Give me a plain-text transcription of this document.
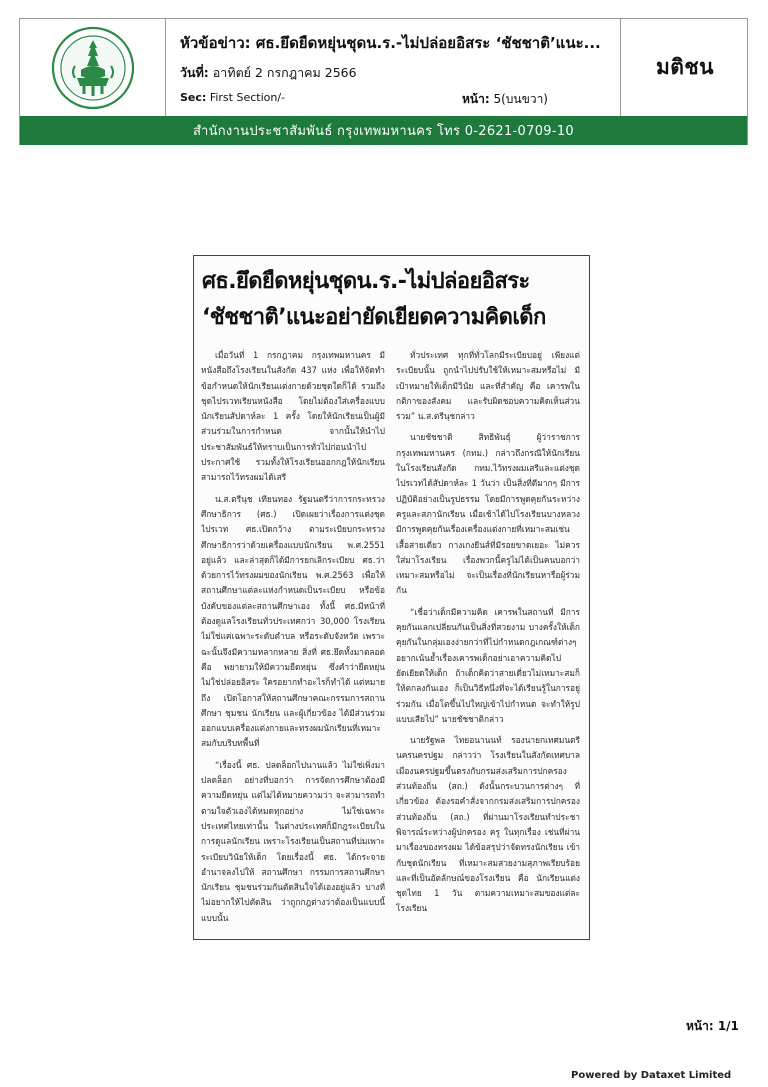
หัวข้อข่าว: ศธ.ยึดยืดหยุ่นชุดน.ร.-ไม่ปล่อยอิสระ ‘ชัชชาติ’แนะ...
วันที่: อาทิตย์ 2 กรกฎาคม 2566
Sec: First Section/-	หน้า: 5(บนขวา)
มติชน
สำนักงานประชาสัมพันธ์ กรุงเทพมหานคร โทร 0-2621-0709-10
ศธ.ยึดยืดหยุ่นชุดน.ร.-ไม่ปล่อยอิสระ
‘ชัชชาติ’แนะอย่ายัดเยียดความคิดเด็ก

เมื่อวันที่ 1 กรกฎาคม กรุงเทพมหานคร มีหนังสือถึงโรงเรียนในสังกัด 437 แห่ง เพื่อให้จัดทำข้อกำหนดให้นักเรียนแต่งกายด้วยชุดใดก็ได้ รวมถึงชุดไปรเวทเรียนหนังสือ โดยไม่ต้องใส่เครื่องแบบนักเรียนสัปดาห์ละ 1 ครั้ง โดยให้นักเรียนเป็นผู้มีส่วนร่วมในการกำหนด จากนั้นให้นำไปประชาสัมพันธ์ให้ทราบเป็นการทั่วไปก่อนนำไปประกาศใช้ รวมทั้งให้โรงเรียนออกกฎให้นักเรียนสามารถไว้ทรงผมได้เสรี

น.ส.ตรีนุช เทียนทอง รัฐมนตรีว่าการกระทรวงศึกษาธิการ (ศธ.) เปิดเผยว่าเรื่องการแต่งชุดไปรเวท ศธ.เปิดกว้าง ตามระเบียบกระทรวงศึกษาธิการว่าด้วยเครื่องแบบนักเรียน พ.ศ.2551 อยู่แล้ว และล่าสุดก็ได้มีการยกเลิกระเบียบ ศธ.ว่าด้วยการไว้ทรงผมของนักเรียน พ.ศ.2563 เพื่อให้สถานศึกษาแต่ละแห่งกำหนดเป็นระเบียบ หรือข้อบังคับของแต่ละสถานศึกษาเอง ทั้งนี้ ศธ.มีหน้าที่ต้องดูแลโรงเรียนทั่วประเทศกว่า 30,000 โรงเรียน ไม่ใช่แค่เฉพาะระดับตำบล หรือระดับจังหวัด เพราะฉะนั้นจึงมีความหลากหลาย สิ่งที่ ศธ.ยึดทั้งมาตลอด คือ พยายามให้มีความยืดหยุ่น ซึ่งคำว่ายืดหยุ่น ไม่ใช่ปล่อยอิสระ ใครอยากทำอะไรก็ทำได้ แต่หมายถึง เปิดโอกาสให้สถานศึกษาคณะกรรมการสถานศึกษา ชุมชน นักเรียน และผู้เกี่ยวข้อง ได้มีส่วนร่วมออกแบบเครื่องแต่งกายและทรงผมนักเรียนที่เหมาะสมกับบริบทพื้นที่

“เรื่องนี้ ศธ. ปลดล็อกไปนานแล้ว ไม่ใช่เพิ่งมาปลดล็อก อย่างที่บอกว่า การจัดการศึกษาต้องมีความยืดหยุ่น แต่ไม่ได้หมายความว่า จะสามารถทำตามใจตัวเองได้หมดทุกอย่าง ไม่ใช่เฉพาะประเทศไทยเท่านั้น ในต่างประเทศก็มีกฎระเบียบในการดูแลนักเรียน เพราะโรงเรียนเป็นสถานที่บ่มเพาะระเบียบวินัยให้เด็ก โดยเรื่องนี้ ศธ. ได้กระจายอำนาจลงไปให้ สถานศึกษา กรรมการสถานศึกษา นักเรียน ชุมชนร่วมกันตัดสินใจได้เองอยู่แล้ว บางที่ไม่อยากให้ไปตัดสิน ว่าถูกกฎต่างว่าต้องเป็นแบบนี้ แบบนั้น

ทั่วประเทศ ทุกที่ทั่วโลกมีระเบียบอยู่ เพียงแต่ระเบียบนั้น ถูกนำไปปรับใช้ให้เหมาะสมหรือไม่ มีเป้าหมายให้เด็กมีวินัย และที่สำคัญ คือ เคารพในกติกาของสังคม และรับผิดชอบความคิดเห็นส่วนรวม” น.ส.ตรีนุชกล่าว

นายชัชชาติ สิทธิพันธุ์ ผู้ว่าราชการกรุงเทพมหานคร (กทม.) กล่าวถึงกรณีให้นักเรียนในโรงเรียนสังกัด กทม.ไว้ทรงผมเสรีและแต่งชุดไปรเวทได้สัปดาห์ละ 1 วันว่า เป็นสิ่งที่ดีมากๆ มีการปฏิบัติอย่างเป็นรูปธรรม โดยมีการพูดคุยกันระหว่างครูและสภานักเรียน เมื่อเช้าได้ไปโรงเรียนบางหลวง มีการพูดคุยกันเรื่องเครื่องแต่งกายที่เหมาะสมเช่น เสื้อสายเดี่ยว กางเกงยีนส์ที่มีรอยขาดเยอะ ไม่ควรใส่มาโรงเรียน เรื่องพวกนี้ครูไม่ได้เป็นคนบอกว่าเหมาะสมหรือไม่ จะเป็นเรื่องที่นักเรียนหารือผู้ร่วมกัน

“เชื่อว่าเด็กมีความคิด เคารพในสถานที่ มีการคุยกันแลกเปลี่ยนกันเป็นสิ่งที่สวยงาม บางครั้งให้เด็กคุยกันในกลุ่มเองง่ายกว่าที่ไปกำหนดกฎเกณฑ์ต่างๆ อยากเน้นย้ำเรื่องเคารพเด็กอย่าเอาความคิดไปยัดเยียดให้เด็ก ถ้าเด็กคิดว่าสายเดี่ยวไม่เหมาะสมก็ให้ตกลงกันเอง ก็เป็นวิธีหนึ่งที่จะได้เรียนรู้ในการอยู่ร่วมกัน เมื่อโตขึ้นไปใหญ่เข้าไปกำหนด จะทำให้รูปแบบเสียไป” นายชัชชาติกล่าว

นายรัฐพล ไทยอนานนท์ รองนายกเทศมนตรีนครนครปฐม กล่าวว่า โรงเรียนในสังกัดเทศบาลเมืองนครปฐมขึ้นตรงกับกรมส่งเสริมการปกครองส่วนท้องถิ่น (สถ.) ดังนั้นกระบวนการต่างๆ ที่เกี่ยวข้อง ต้องรอคำสั่งจากกรมส่งเสริมการปกครองส่วนท้องถิ่น (สถ.) ที่ผ่านมาโรงเรียนทำประชาพิจารณ์ระหว่างผู้ปกครอง ครู ในทุกเรื่อง เช่นที่ผ่านมาเรื่องของทรงผม ได้ข้อสรุปว่าจัดทรงนักเรียน เข้ากับชุดนักเรียน ที่เหมาะสมสวยงามสุภาพเรียบร้อย และที่เป็นอัตลักษณ์ของโรงเรียน คือ นักเรียนแต่งชุดไทย 1 วัน ตามความเหมาะสมของแต่ละโรงเรียน

หน้า: 1/1
Powered by Dataxet Limited
